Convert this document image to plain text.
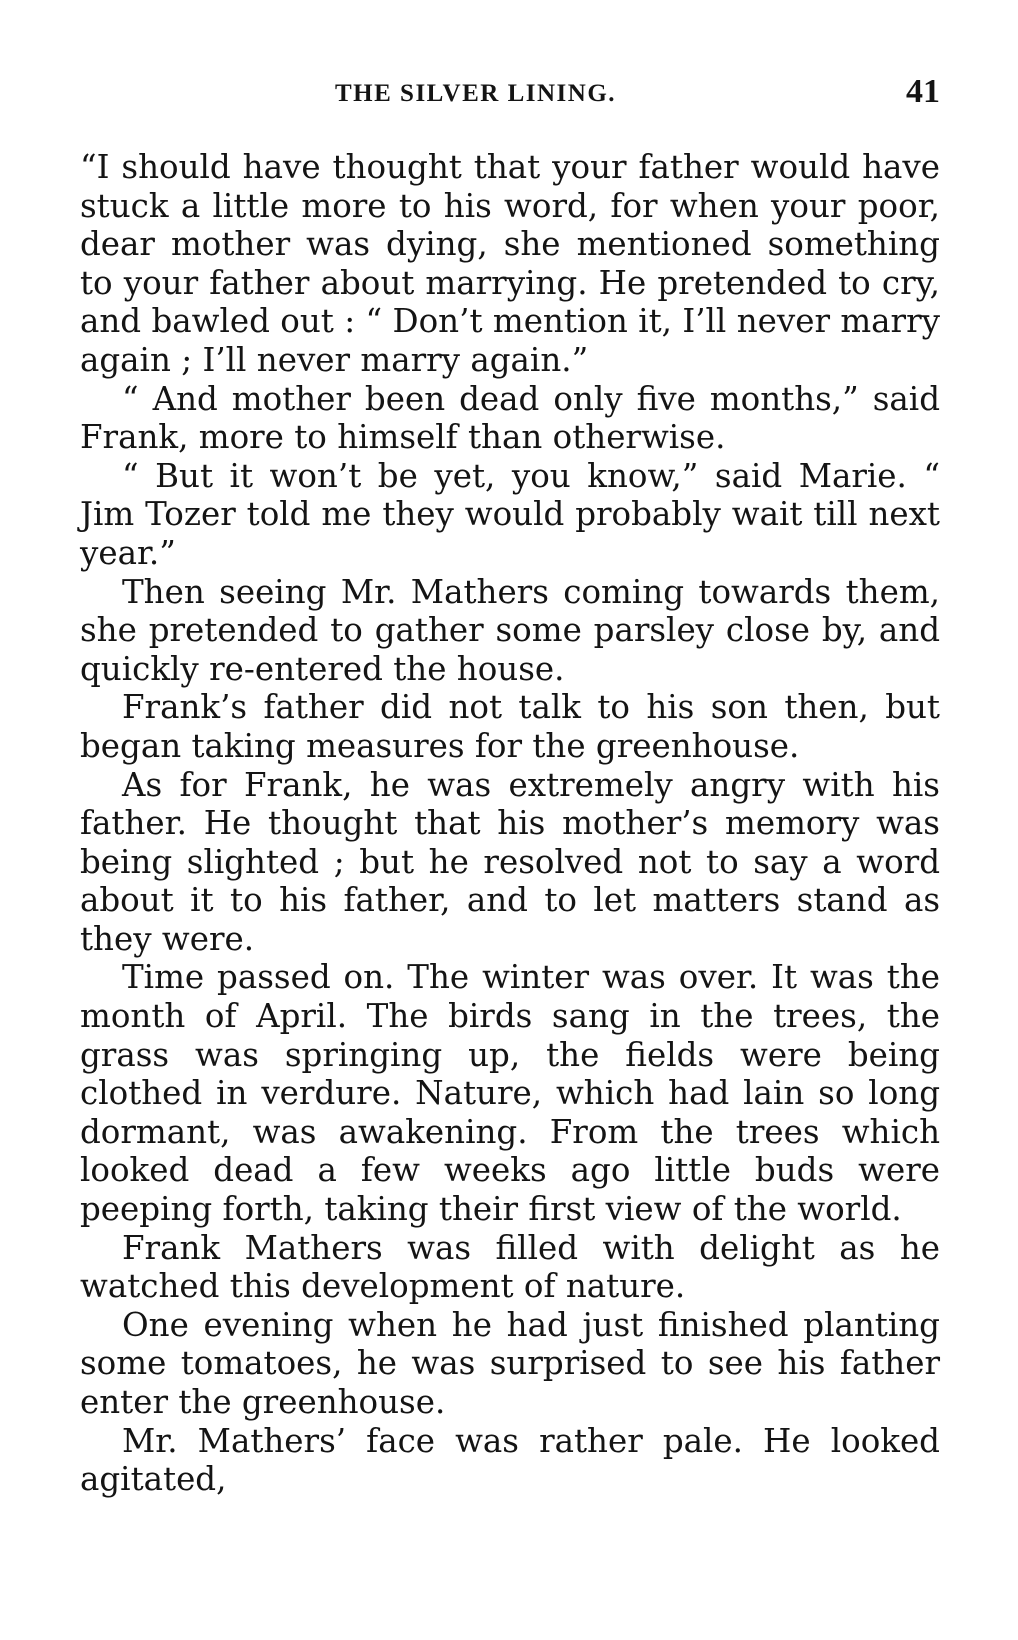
THE SILVER LINING.	41

“I should have thought that your father would have stuck a little more to his word, for when your poor, dear mother was dying, she mentioned something to your father about marrying. He pretended to cry, and bawled out : “ Don’t mention it, I’ll never marry again ; I’ll never marry again.”

“ And mother been dead only five months,” said Frank, more to himself than otherwise.

“ But it won’t be yet, you know,” said Marie. “ Jim Tozer told me they would probably wait till next year.”

Then seeing Mr. Mathers coming towards them, she pretended to gather some parsley close by, and quickly re-entered the house.

Frank’s father did not talk to his son then, but began taking measures for the greenhouse.

As for Frank, he was extremely angry with his father. He thought that his mother’s memory was being slighted ; but he resolved not to say a word about it to his father, and to let matters stand as they were.

Time passed on. The winter was over. It was the month of April. The birds sang in the trees, the grass was springing up, the fields were being clothed in verdure. Nature, which had lain so long dormant, was awakening. From the trees which looked dead a few weeks ago little buds were peeping forth, taking their first view of the world.

Frank Mathers was filled with delight as he watched this development of nature.

One evening when he had just finished planting some tomatoes, he was surprised to see his father enter the greenhouse.

Mr. Mathers’ face was rather pale. He looked agitated,
